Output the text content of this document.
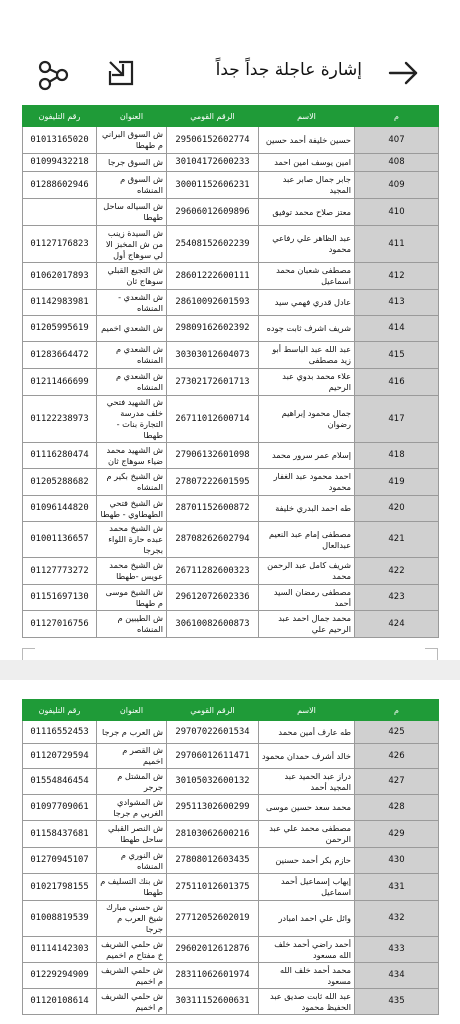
إشارة عاجلة جداً جداً
م	الاسم	الرقم القومي	العنوان	رقم التليفون
407	حسين خليفة أحمد حسين	29506152602774	ش السوق البراني م طهطا	01013165020
408	امين يوسف امين احمد	30104172600233	ش السوق جرجا	01099432218
409	جابر جمال صابر عبد المجيد	30001152606231	ش السوق م المنشاه	01288602946
410	معتز صلاح محمد توفيق	29606012609896	ش السياله ساحل طهطا	
411	عبد الظاهر علي رفاعي محمود	25408152602239	ش السيدة زينب من ش المخبز الا لي سوهاج أول	01127176823
412	مصطفى شعبان محمد اسماعيل	28601222600111	ش التجيع القبلي سوهاج ثان	01062017893
413	عادل قدري فهمي سيد	28610092601593	ش الشعدي - المنشاه	01142983981
414	شريف اشرف ثابت جوده	29809162602392	ش الشعدي اخميم	01205995619
415	عبد الله عبد الباسط أبو زيد مصطفى	30303012604073	ش الشعدي م المنشاه	01283664472
416	علاء محمد بدوي عبد الرحيم	27302172601713	ش الشعدي م المنشاه	01211466699
417	جمال محمود إبراهيم رضوان	26711012600714	ش الشهيد فتحي خلف مدرسة التجارة بنات - طهطا	01122238973
418	إسلام عمر سرور محمد	27906132601098	ش الشهيد محمد ضياء سوهاج ثان	01116280474
419	احمد محمود عبد الغفار محمود	27807222601595	ش الشيخ بكير م المنشاه	01205288682
420	طه احمد البدري خليفة	28701152600872	ش الشيخ فتحي الطهطاوي - طهطا	01096144820
421	مصطفى إمام عبد النعيم عبدالعال	28708262602794	ش الشيخ محمد عبده حارة اللواء بجرجا	01001136657
422	شريف كامل عبد الرحمن محمد	26711282600323	ش الشيخ محمد عويس -طهطا	01127773272
423	مصطفى رمضان السيد أحمد	29612072602336	ش الشيخ موسى م طهطا	01151697130
424	محمد جمال احمد عبد الرحيم علي	30610082600873	ش الطيبين م المنشاه	01127016756
م	الاسم	الرقم القومي	العنوان	رقم التليفون
425	طه عارف أمين محمد	29707022601534	ش العرب م جرجا	01116552453
426	خالد أشرف حمدان محمود	29706012611471	ش القصر م اخميم	01120729594
427	دراز عبد الحميد عبد المجيد أحمد	30105032600132	ش المشتل م جرجر	01554846454
428	محمد سعد حسين موسى	29511302600299	ش المشوادي الغربي م جرجا	01097709061
429	مصطفى محمد علي عبد الرحمن	28103062600216	ش النصر القبلي ساحل طهطا	01158437681
430	حازم بكر أحمد حسنين	27808012603435	ش النوري م المنشاه	01270945107
431	إيهاب إسماعيل أحمد اسماعيل	27511012601375	ش بنك التسليف م طهطا	01021798155
432	وائل علي احمد امبادر	27712052602019	ش حسني مبارك شيخ العرب م جرجا	01008819539
433	أحمد راضي أحمد خلف الله مسعود	29602012612876	ش حلمي الشريف خ مفتاح م اخميم	01114142303
434	محمد أحمد خلف الله مسعود	28311062601974	ش حلمي الشريف م اخميم	01229294909
435	عبد الله ثابت صديق عبد الحفيظ محمود	30311152600631	ش حلمي الشريف م اخميم	01120108614
